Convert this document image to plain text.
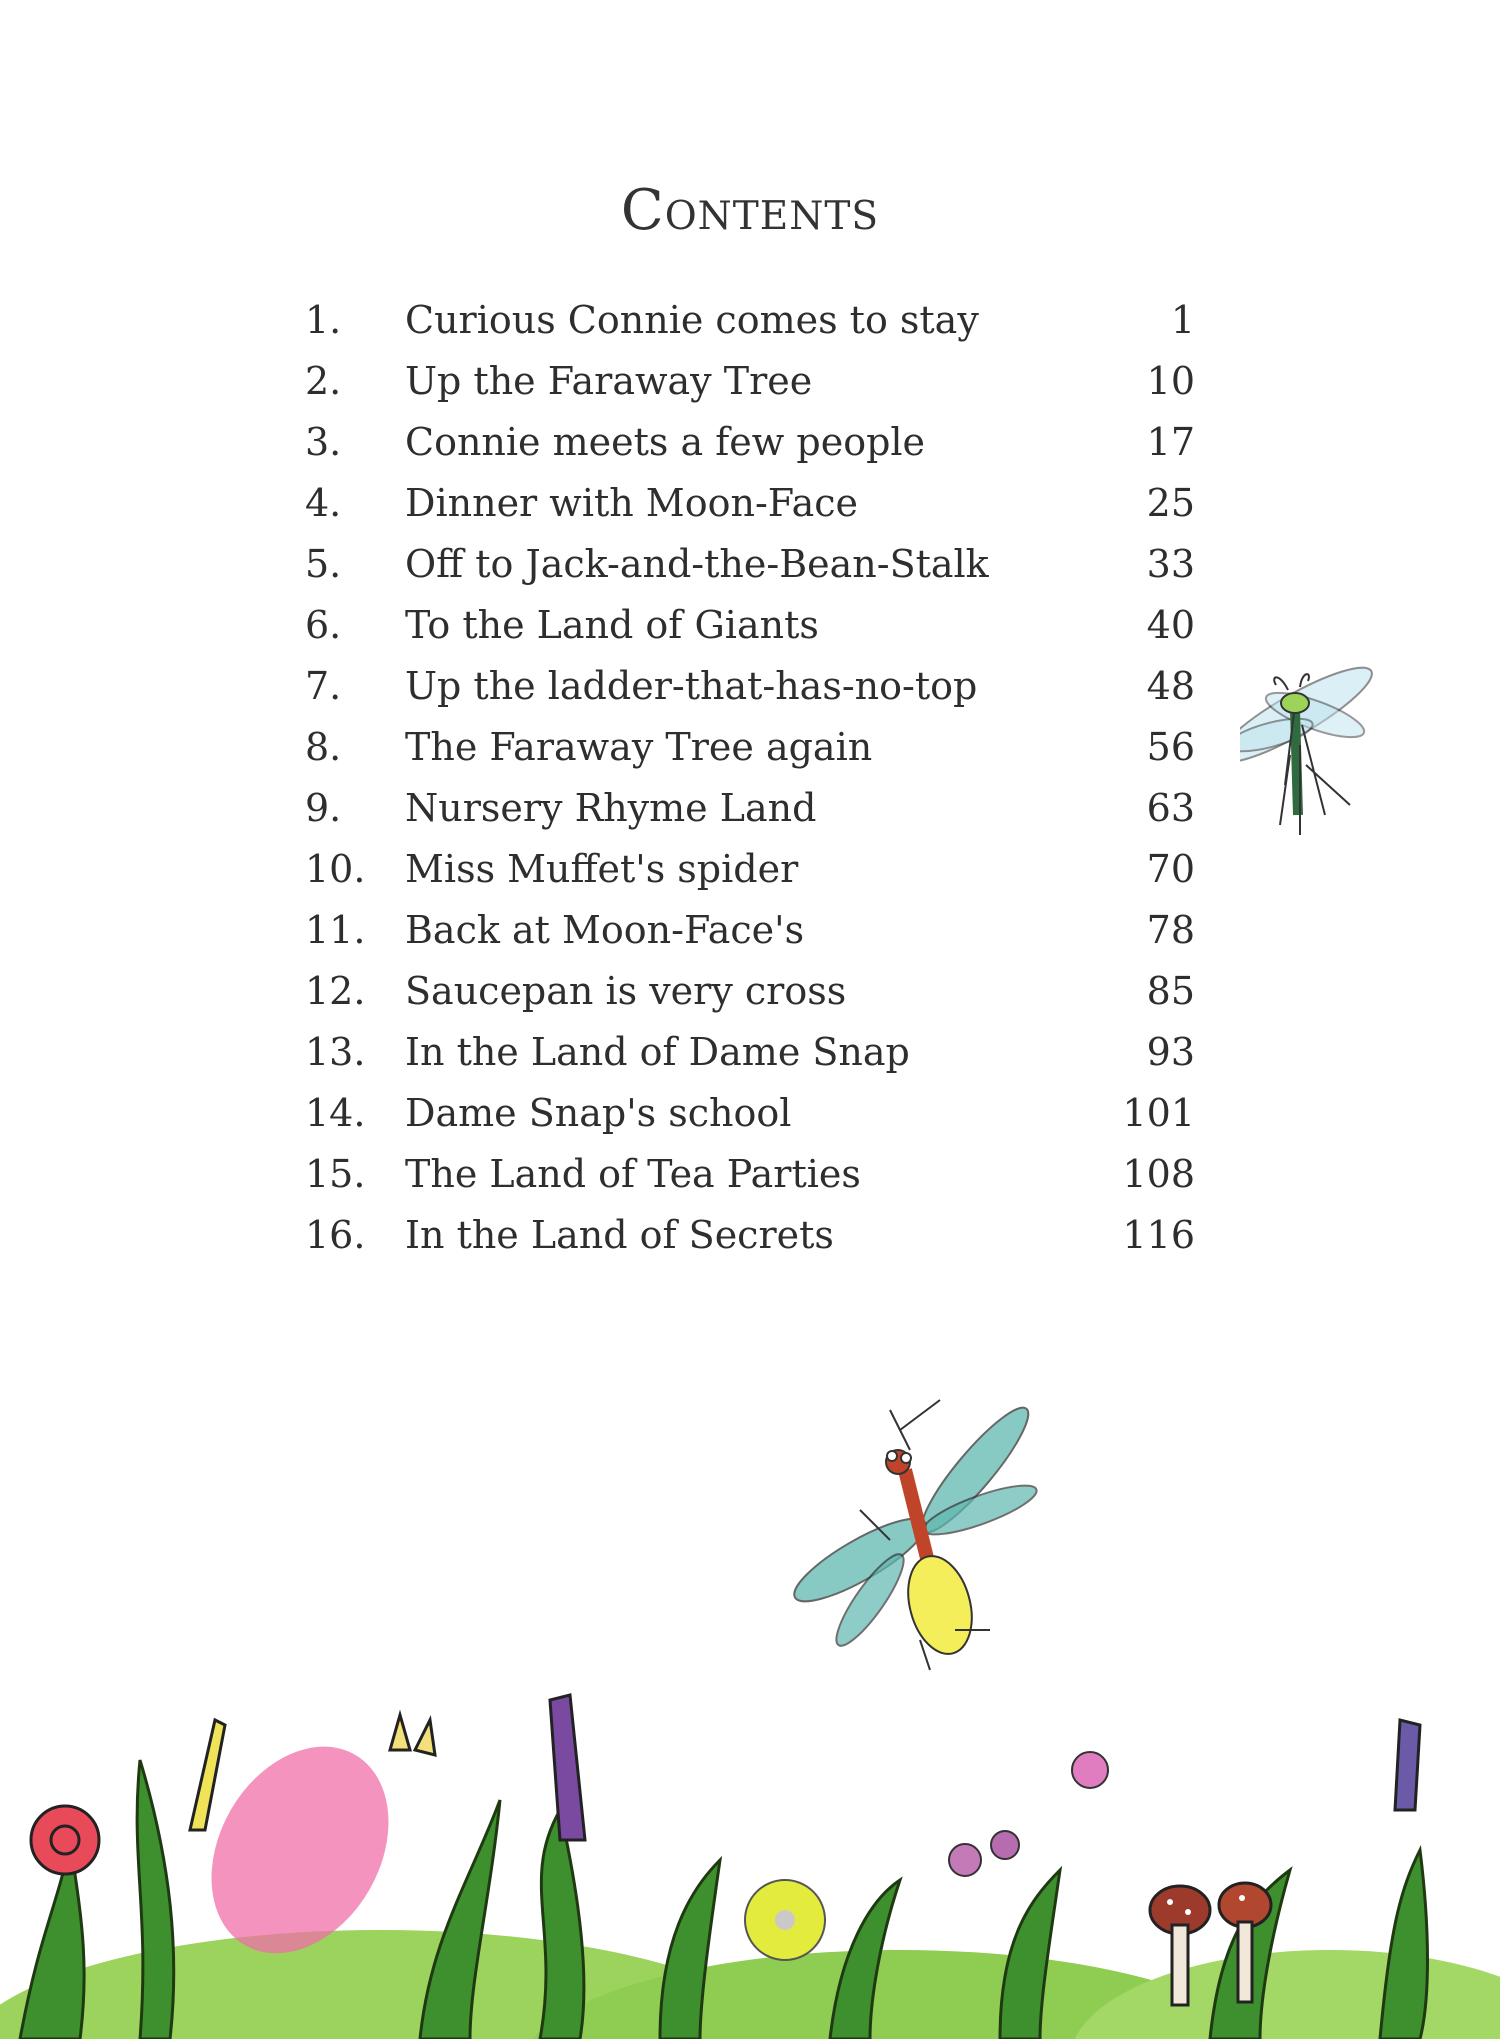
Contents
1. Curious Connie comes to stay	1
2. Up the Faraway Tree	10
3. Connie meets a few people	17
4. Dinner with Moon-Face	25
5. Off to Jack-and-the-Bean-Stalk	33
6. To the Land of Giants	40
7. Up the ladder-that-has-no-top	48
8. The Faraway Tree again	56
9. Nursery Rhyme Land	63
10. Miss Muffet's spider	70
11. Back at Moon-Face's	78
12. Saucepan is very cross	85
13. In the Land of Dame Snap	93
14. Dame Snap's school	101
15. The Land of Tea Parties	108
16. In the Land of Secrets	116
